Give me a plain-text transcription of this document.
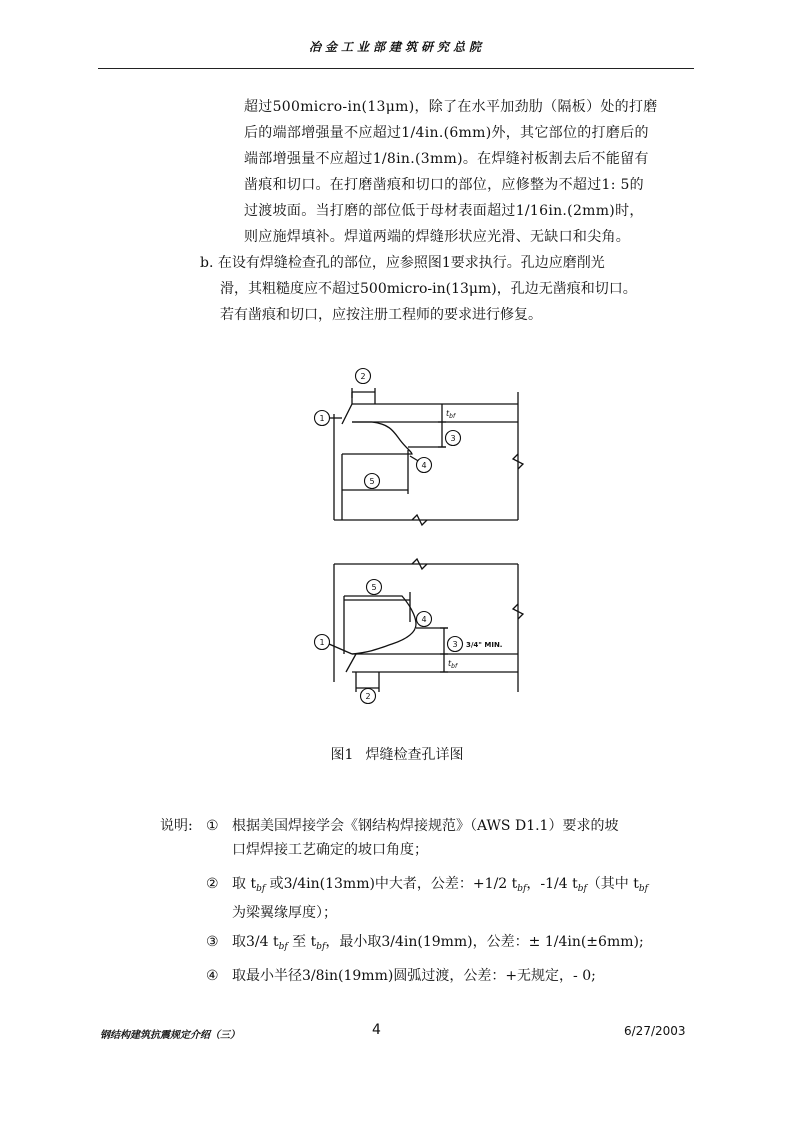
冶金工业部建筑研究总院

超过500micro-in(13μm)，除了在水平加劲肋（隔板）处的打磨

后的端部增强量不应超过1/4in.(6mm)外，其它部位的打磨后的

端部增强量不应超过1/8in.(3mm)。在焊缝衬板割去后不能留有

凿痕和切口。在打磨凿痕和切口的部位，应修整为不超过1: 5的

过渡坡面。当打磨的部位低于母材表面超过1/16in.(2mm)时，

则应施焊填补。焊道两端的焊缝形状应光滑、无缺口和尖角。

b. 在设有焊缝检查孔的部位，应参照图1要求执行。孔边应磨削光

滑，其粗糙度应不超过500micro-in(13μm)，孔边无凿痕和切口。

若有凿痕和切口，应按注册工程师的要求进行修复。

1
2
3
4
5
5
4
3
1
2
$t_{bf}$
$t_{bf}$
3/4" MIN.
图1 焊缝检查孔详图
说明: ① 根据美国焊接学会《钢结构焊接规范》（AWS D1.1）要求的坡
口焊焊接工艺确定的坡口角度；
② 取 $t_{bf}$ 或3/4in(13mm)中大者，公差：+1/2 $t_{bf}$，-1/4 $t_{bf}$（其中 $t_{bf}$
为梁翼缘厚度）；
③ 取3/4 $t_{bf}$ 至 $t_{bf}$，最小取3/4in(19mm)，公差：± 1/4in(±6mm);
④ 取最小半径3/8in(19mm)圆弧过渡，公差：+无规定，- 0;
钢结构建筑抗震规定介绍（三）	4	6/27/2003
